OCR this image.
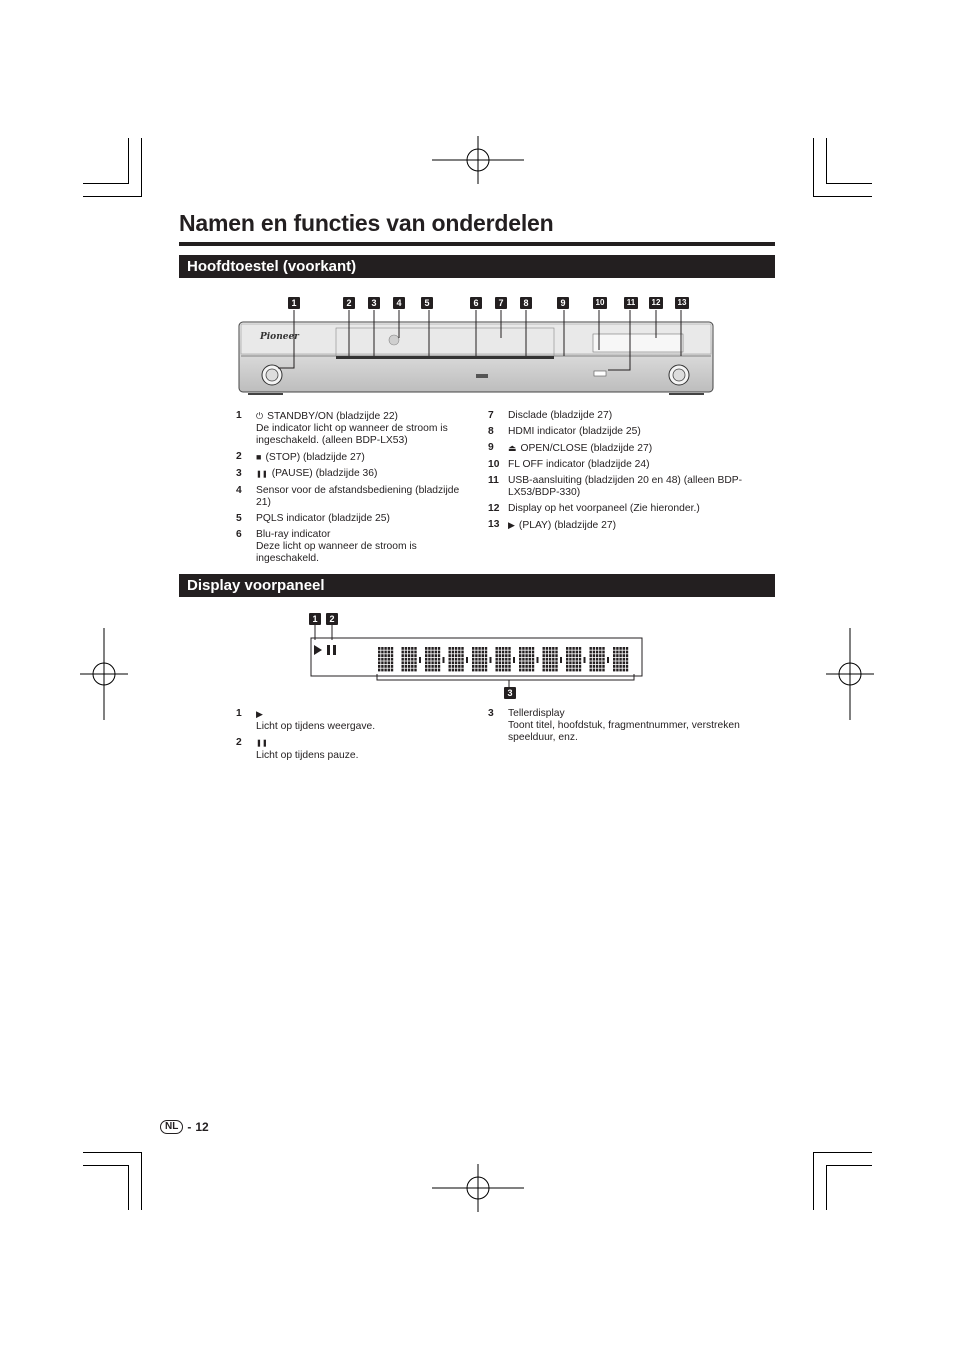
Namen en functies van onderdelen
Hoofdtoestel (voorkant)
1	2	3	4	5	6	7	8	9	10	11	12	13
Pioneer
1	⏻ STANDBY/ON (bladzijde 22)
De indicator licht op wanneer de stroom is ingeschakeld. (alleen BDP-LX53)
2	■ (STOP) (bladzijde 27)
3	❚❚ (PAUSE) (bladzijde 36)
4	Sensor voor de afstandsbediening (bladzijde 21)
5	PQLS indicator (bladzijde 25)
6	Blu-ray indicator
Deze licht op wanneer de stroom is ingeschakeld.
7	Disclade (bladzijde 27)
8	HDMI indicator (bladzijde 25)
9	⏏ OPEN/CLOSE (bladzijde 27)
10 FL OFF indicator (bladzijde 24)
11 USB-aansluiting (bladzijden 20 en 48) (alleen BDP-LX53/BDP-330)
12 Display op het voorpaneel (Zie hieronder.)
13 ▶ (PLAY) (bladzijde 27)
Display voorpaneel
1	2
3
1	▶
Licht op tijdens weergave.
2	❚❚
Licht op tijdens pauze.
3	Tellerdisplay
Toont titel, hoofdstuk, fragmentnummer, verstreken speelduur, enz.
NL - 12
